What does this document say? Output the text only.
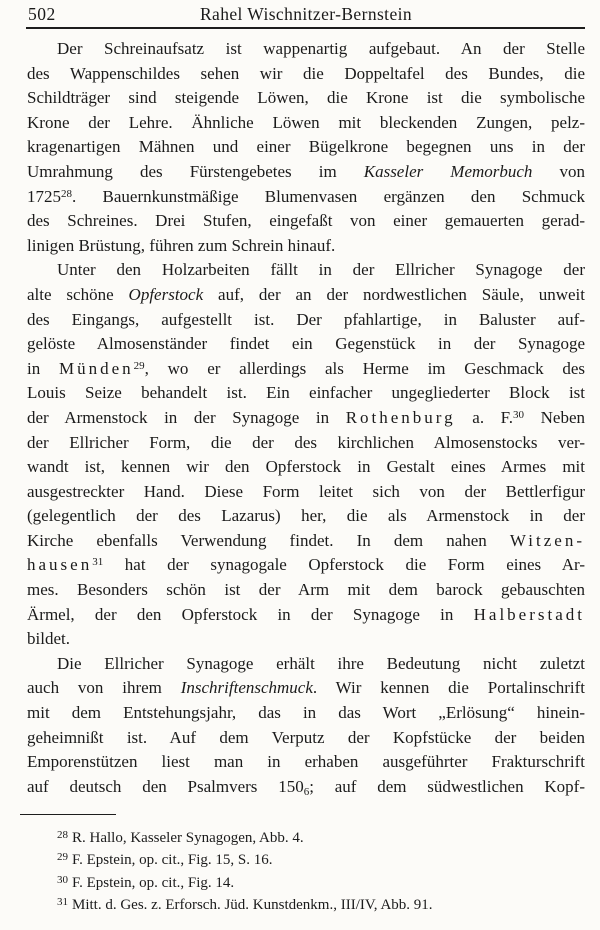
502	Rahel Wischnitzer-Bernstein
Der Schreinaufsatz ist wappenartig aufgebaut. An der Stelle
des Wappenschildes sehen wir die Doppeltafel des Bundes, die
Schildträger sind steigende Löwen, die Krone ist die symbolische
Krone der Lehre. Ähnliche Löwen mit bleckenden Zungen, pelz-
kragenartigen Mähnen und einer Bügelkrone begegnen uns in der
Umrahmung des Fürstengebetes im Kasseler Memorbuch von
1725$^{28}$. Bauernkunstmäßige Blumenvasen ergänzen den Schmuck
des Schreines. Drei Stufen, eingefaßt von einer gemauerten gerad-
linigen Brüstung, führen zum Schrein hinauf.
Unter den Holzarbeiten fällt in der Ellricher Synagoge der
alte schöne Opferstock auf, der an der nordwestlichen Säule, unweit
des Eingangs, aufgestellt ist. Der pfahlartige, in Baluster auf-
gelöste Almosenständer findet ein Gegenstück in der Synagoge
in Münden$^{29}$, wo er allerdings als Herme im Geschmack des
Louis Seize behandelt ist. Ein einfacher ungegliederter Block ist
der Armenstock in der Synagoge in Rothenburg a. F.$^{30}$ Neben
der Ellricher Form, die der des kirchlichen Almosenstocks ver-
wandt ist, kennen wir den Opferstock in Gestalt eines Armes mit
ausgestreckter Hand. Diese Form leitet sich von der Bettlerfigur
(gelegentlich der des Lazarus) her, die als Armenstock in der
Kirche ebenfalls Verwendung findet. In dem nahen Witzen-
hausen$^{31}$ hat der synagogale Opferstock die Form eines Ar-
mes. Besonders schön ist der Arm mit dem barock gebauschten
Ärmel, der den Opferstock in der Synagoge in Halberstadt
bildet.
Die Ellricher Synagoge erhält ihre Bedeutung nicht zuletzt
auch von ihrem Inschriftenschmuck. Wir kennen die Portalinschrift
mit dem Entstehungsjahr, das in das Wort „Erlösung“ hinein-
geheimnißt ist. Auf dem Verputz der Kopfstücke der beiden
Emporenstützen liest man in erhaben ausgeführter Frakturschrift
auf deutsch den Psalmvers $150_6$; auf dem südwestlichen Kopf-
$^{28}$ R. Hallo, Kasseler Synagogen, Abb. 4.
$^{29}$ F. Epstein, op. cit., Fig. 15, S. 16.
$^{30}$ F. Epstein, op. cit., Fig. 14.
$^{31}$ Mitt. d. Ges. z. Erforsch. Jüd. Kunstdenkm., III/IV, Abb. 91.
